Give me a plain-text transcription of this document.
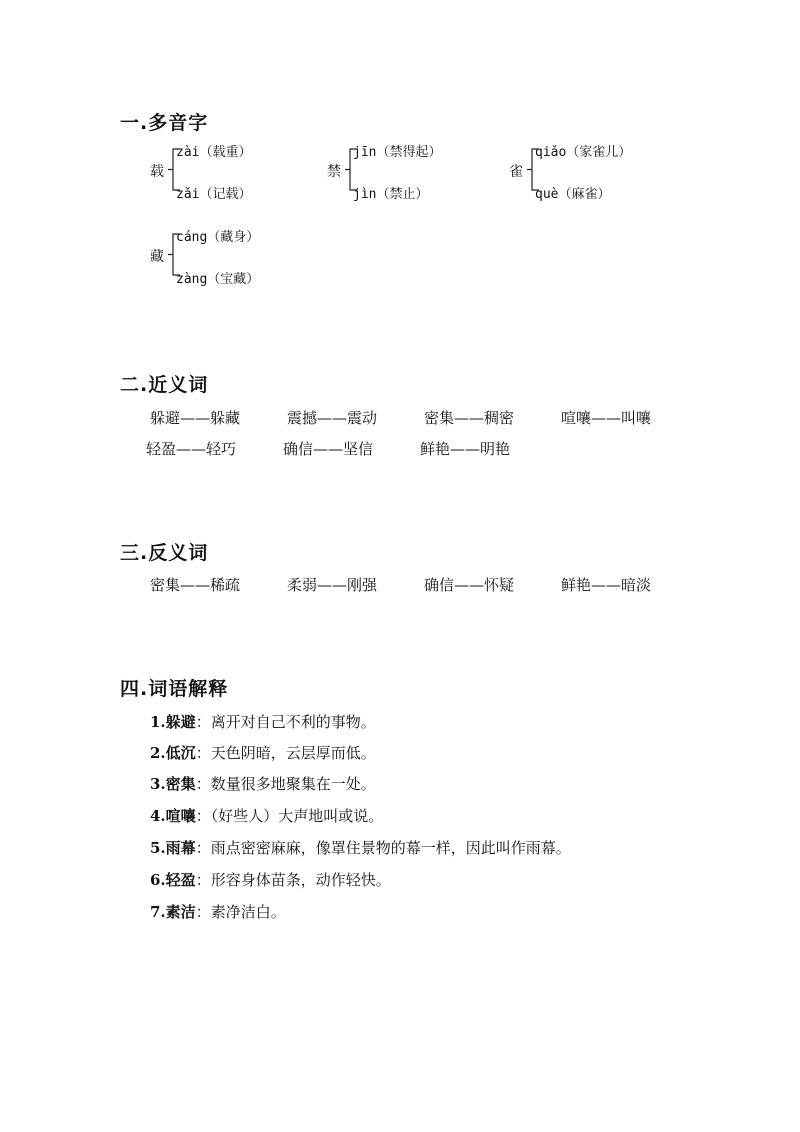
一.多音字
载
zài（载重）
zǎi（记载）
禁
jīn（禁得起）
jìn（禁止）
雀
qiǎo（家雀儿）
què（麻雀）
藏
cáng（藏身）
zàng（宝藏）
二.近义词
躲避——躲藏	震撼——震动	密集——稠密	喧嚷——叫嚷
轻盈——轻巧	确信——坚信	鲜艳——明艳
三.反义词
密集——稀疏	柔弱——刚强	确信——怀疑	鲜艳——暗淡
四.词语解释
1.躲避：离开对自己不利的事物。
2.低沉：天色阴暗，云层厚而低。
3.密集：数量很多地聚集在一处。
4.喧嚷：（好些人）大声地叫或说。
5.雨幕：雨点密密麻麻，像罩住景物的幕一样，因此叫作雨幕。
6.轻盈：形容身体苗条，动作轻快。
7.素洁：素净洁白。
